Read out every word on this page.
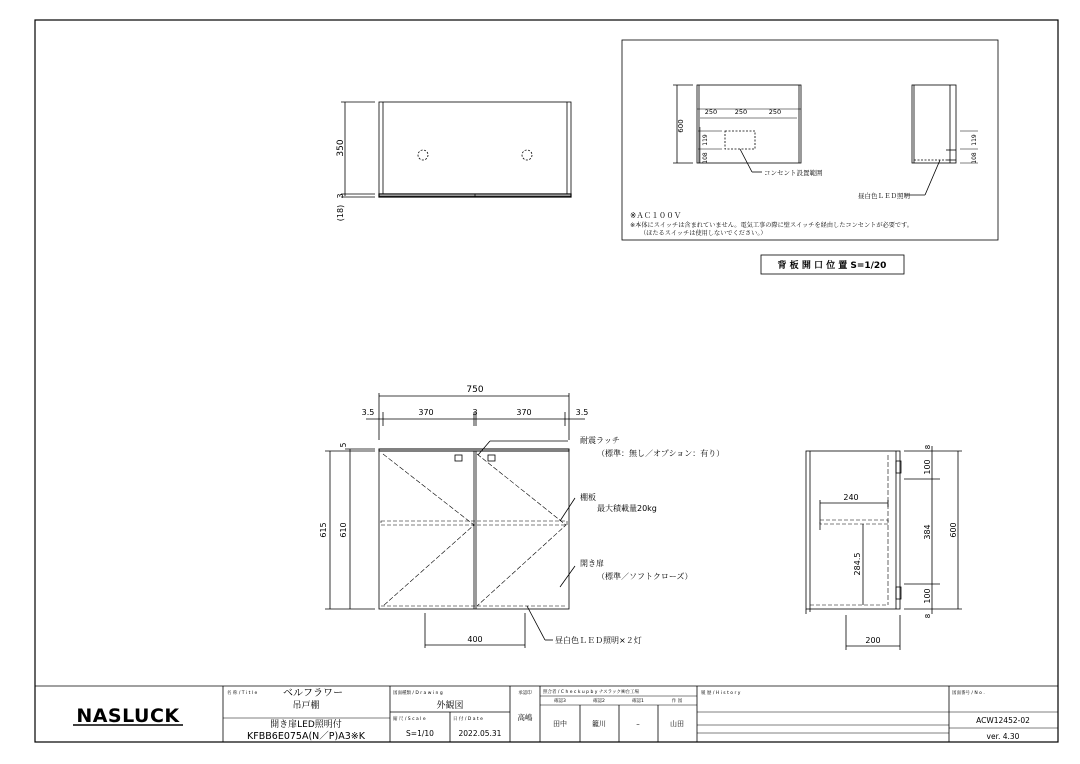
350
3
(18)
600
250	250	250
108
119
108
119
コンセント設置範囲
昼白色ＬＥＤ照明
※ＡＣ１００Ｖ
※本体にスイッチは含まれていません。電気工事の際に壁スイッチを経由したコンセントが必要です。
（ほたるスイッチは使用しないでください。）
背 板 開 口 位 置 S=1/20
750
3.5	370	3	370	3.5
5
615 610
400
耐震ラッチ
（標準：無し／オプション：有り）
棚板
最大積載量20kg
開き扉
（標準／ソフトクローズ）
昼白色ＬＥＤ照明×２灯
8
100
240
384 600
284.5
100
8
200
NASLUCK
名 称 / T i t l e	ベルフラワー
吊戸棚
開き扉LED照明付
KFBB6E075A(N／P)A3※K
図面種類 / D r a w i n g
外観図
縮 尺 / S c a l e
S=1/10
日 付 / D a t e
2022.05.31
承認印
高嶋
照合者 / C h e c k u p b y ナスラック㈱台工場
確認3	確認2	確認1	作 図
田中	籠川	–	山田
履 歴 / H i s t o r y	図面番号 / N o .
ACW12452-02
ver. 4.30
